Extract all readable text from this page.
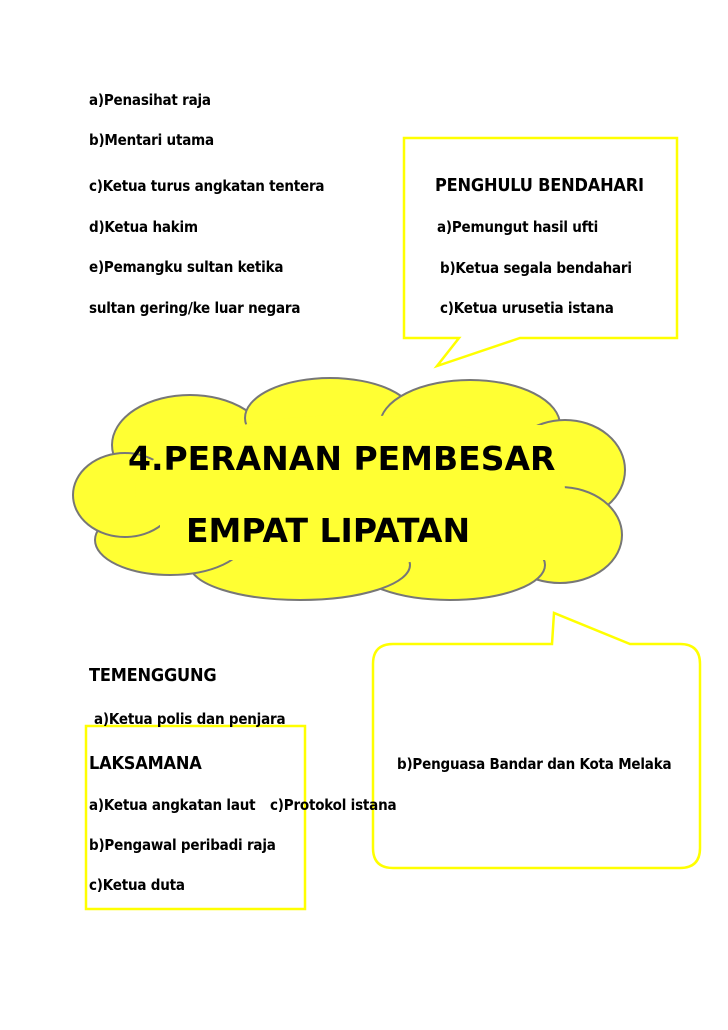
a)Penasihat raja
b)Mentari utama
c)Ketua turus angkatan tentera
d)Ketua hakim
e)Pemangku sultan ketika
sultan gering/ke luar negara
PENGHULU BENDAHARI
a)Pemungut hasil ufti
b)Ketua segala bendahari
c)Ketua urusetia istana
4.PERANAN PEMBESAR
EMPAT LIPATAN
TEMENGGUNG
a)Ketua polis dan penjara
b)Penguasa Bandar dan Kota Melaka
c)Protokol istana
LAKSAMANA
a)Ketua angkatan laut
b)Pengawal peribadi raja
c)Ketua duta
